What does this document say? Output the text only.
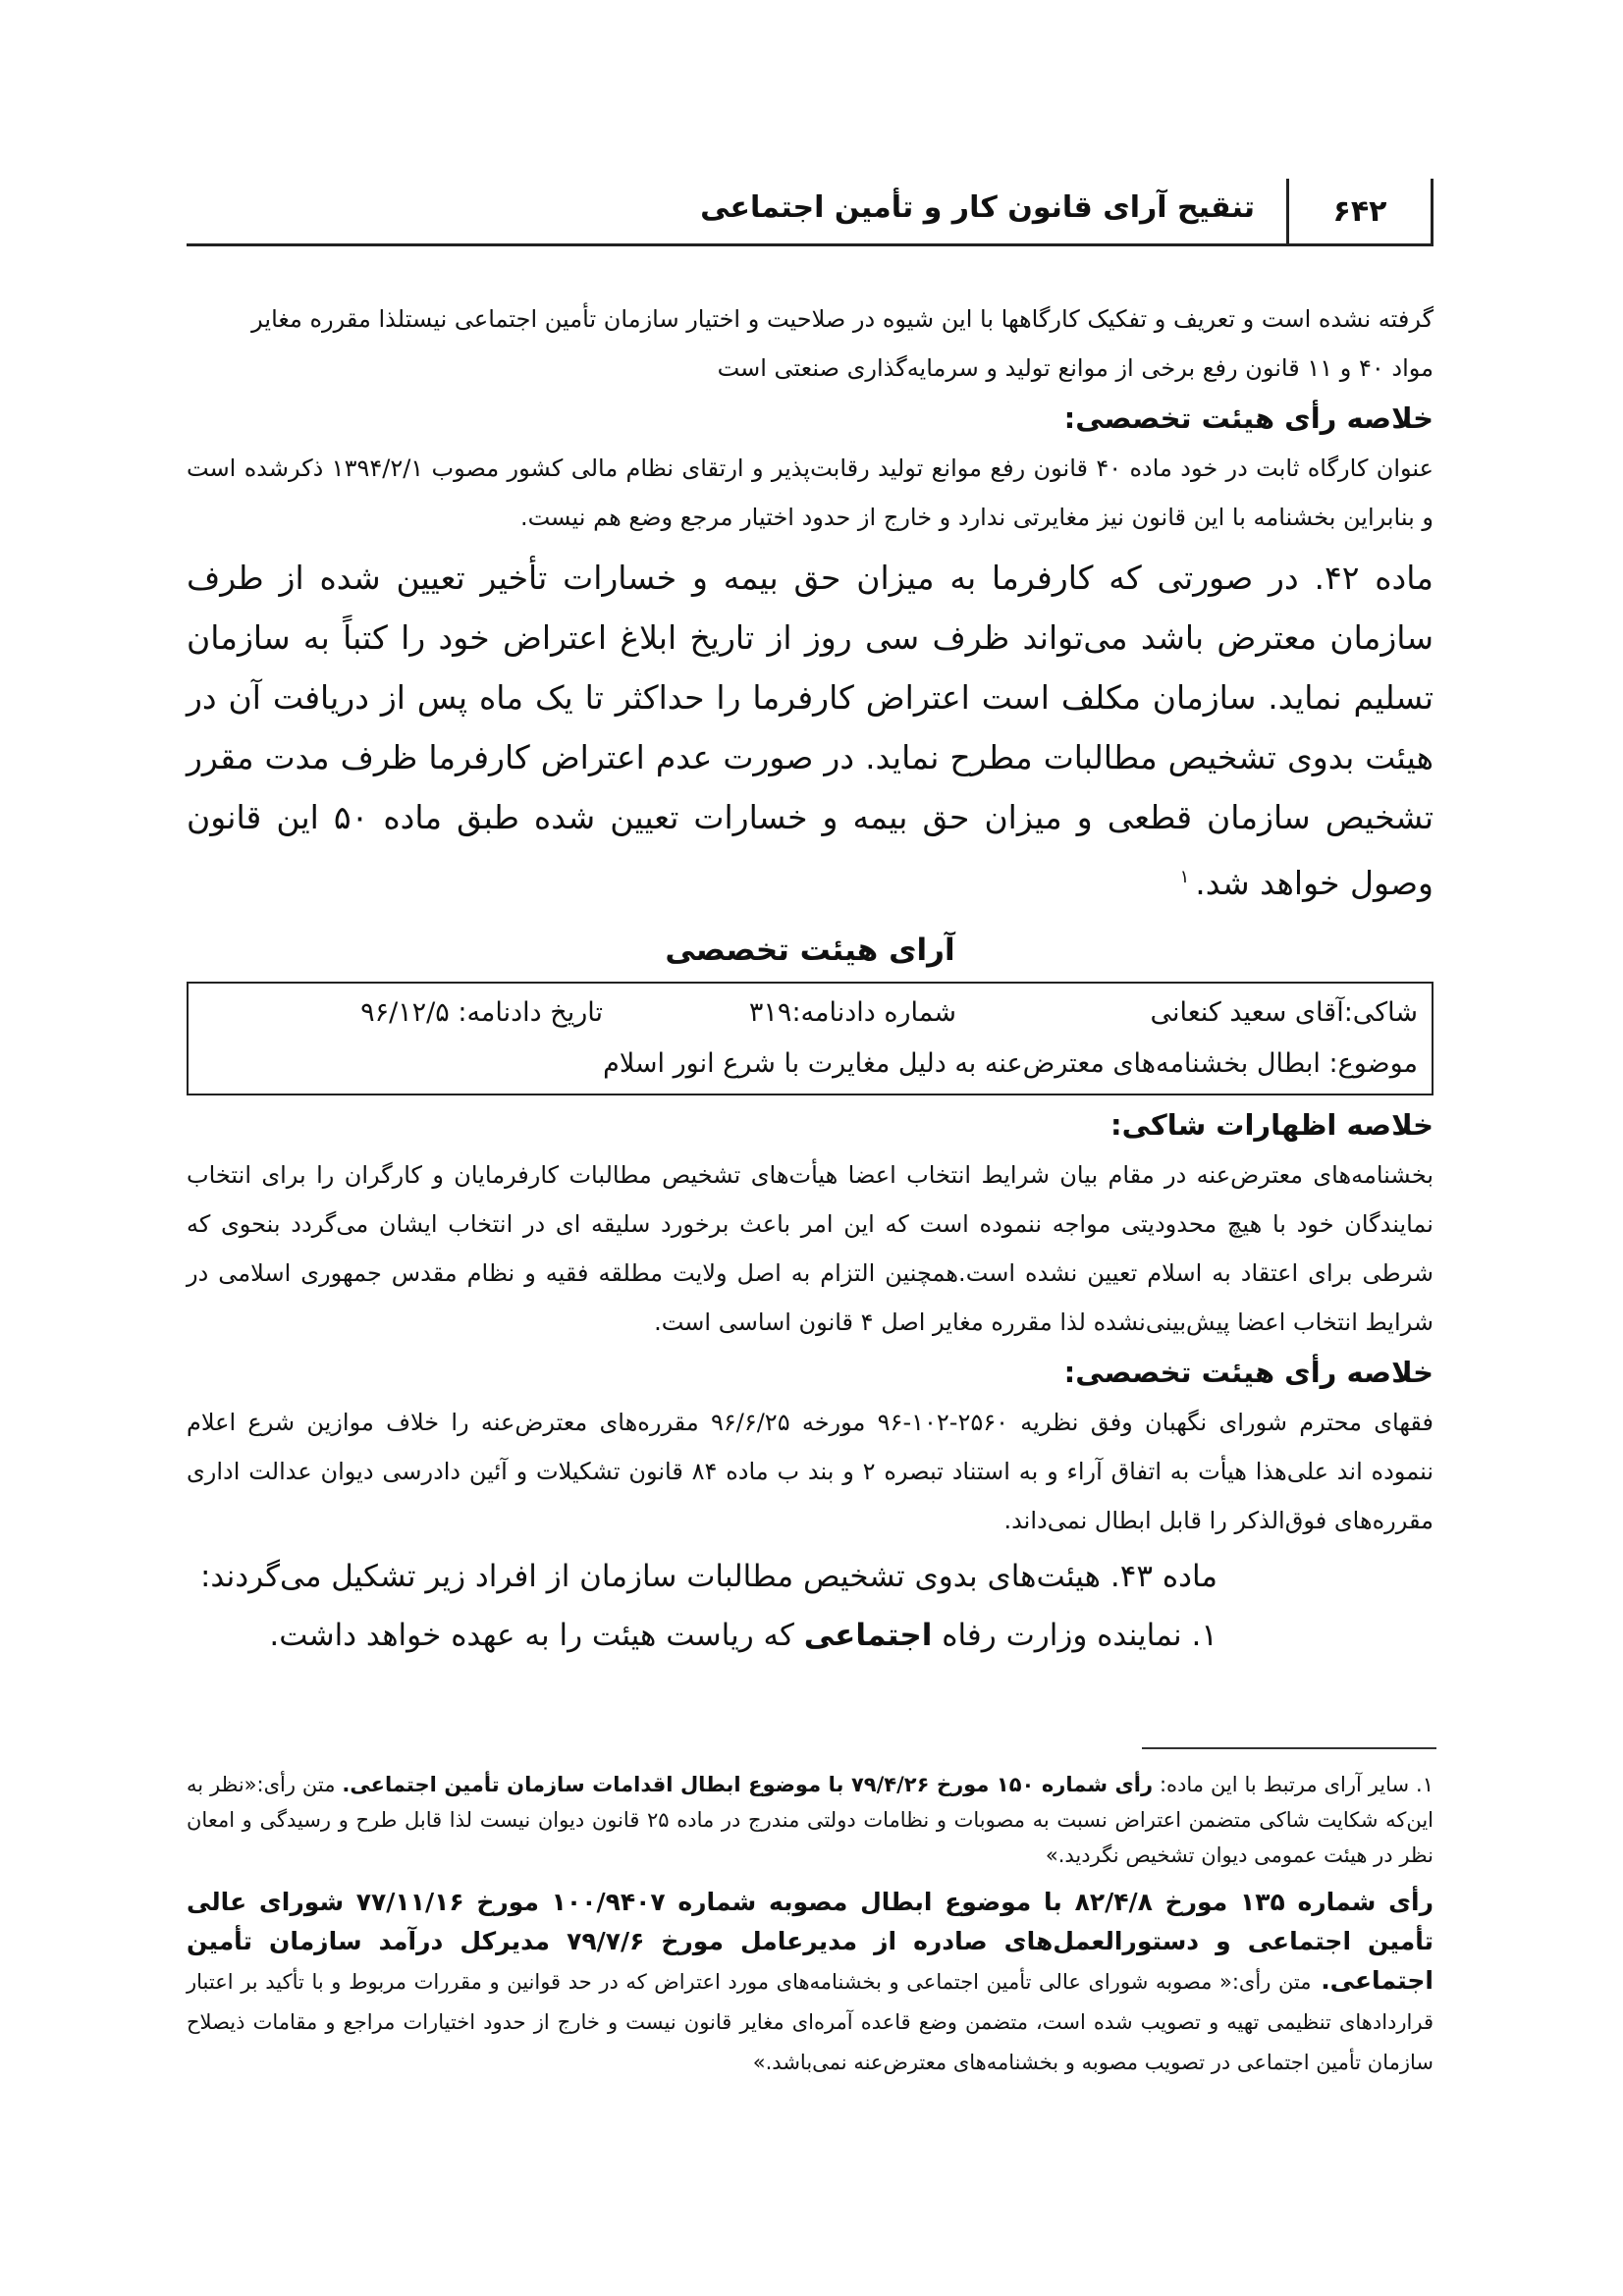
۶۴۲
تنقیح آرای قانون کار و تأمین اجتماعی

گرفته نشده است و تعریف و تفکیک کارگاهها با این شیوه در صلاحیت و اختیار سازمان تأمین اجتماعی نیستلذا مقرره مغایر

مواد ۴۰ و ۱۱ قانون رفع برخی از موانع تولید و سرمایه‌گذاری صنعتی است

خلاصه رأی هیئت تخصصی:

عنوان کارگاه ثابت در خود ماده ۴۰ قانون رفع موانع تولید رقابت‌پذیر و ارتقای نظام مالی کشور مصوب ۱۳۹۴/۲/۱ ذکرشده است و بنابراین بخشنامه با این قانون نیز مغایرتی ندارد و خارج از حدود اختیار مرجع وضع هم نیست.

ماده ۴۲. در صورتی که کارفرما به میزان حق بیمه و خسارات تأخیر تعیین شده از طرف سازمان معترض باشد می‌تواند ظرف سی روز از تاریخ ابلاغ اعتراض خود را کتباً به سازمان تسلیم نماید. سازمان مکلف است اعتراض کارفرما را حداکثر تا یک ماه پس از دریافت آن در هیئت بدوی تشخیص مطالبات مطرح نماید. در صورت عدم اعتراض کارفرما ظرف مدت مقرر تشخیص سازمان قطعی و میزان حق بیمه و خسارات تعیین شده طبق ماده ۵۰ این قانون وصول خواهد شد.$^۱$

آرای هیئت تخصصی
شاکی:آقای سعید کنعانی
شماره دادنامه:۳۱۹
تاریخ دادنامه: ۹۶/۱۲/۵
موضوع: ابطال بخشنامه‌های معترض‌عنه به دلیل مغایرت با شرع انور اسلام

خلاصه اظهارات شاکی:

بخشنامه‌های معترض‌عنه در مقام بیان شرایط انتخاب اعضا هیأت‌های تشخیص مطالبات کارفرمایان و کارگران را برای انتخاب نمایندگان خود با هیچ محدودیتی مواجه ننموده است که این امر باعث برخورد سلیقه ای در انتخاب ایشان می‌گردد بنحوی که شرطی برای اعتقاد به اسلام تعیین نشده است.همچنین التزام به اصل ولایت مطلقه فقیه و نظام مقدس جمهوری اسلامی در شرایط انتخاب اعضا پیش‌بینی‌نشده لذا مقرره مغایر اصل ۴ قانون اساسی است.

خلاصه رأی هیئت تخصصی:

فقهای محترم شورای نگهبان وفق نظریه ۲۵۶۰-۱۰۲-۹۶ مورخه ۹۶/۶/۲۵ مقرره‌های معترض‌عنه را خلاف موازین شرع اعلام ننموده اند علی‌هذا هیأت به اتفاق آراء و به استناد تبصره ۲ و بند ب ماده ۸۴ قانون تشکیلات و آئین دادرسی دیوان عدالت اداری مقرره‌های فوق‌الذکر را قابل ابطال نمی‌داند.

ماده ۴۳. هیئت‌های بدوی تشخیص مطالبات سازمان از افراد زیر تشکیل می‌گردند:

۱. نماینده وزارت رفاه اجتماعی که ریاست هیئت را به عهده خواهد داشت.

۱. سایر آرای مرتبط با این ماده: رأی شماره ۱۵۰ مورخ ۷۹/۴/۲۶ با موضوع ابطال اقدامات سازمان تأمین اجتماعی. متن رأی:«نظر به این‌که شکایت شاکی متضمن اعتراض نسبت به مصوبات و نظامات دولتی مندرج در ماده ۲۵ قانون دیوان نیست لذا قابل طرح و رسیدگی و امعان نظر در هیئت عمومی دیوان تشخیص نگردید.»

رأی شماره ۱۳۵ مورخ ۸۲/۴/۸ با موضوع ابطال مصوبه شماره ۱۰۰/۹۴۰۷ مورخ ۷۷/۱۱/۱۶ شورای عالی تأمین اجتماعی و دستورالعمل‌های صادره از مدیرعامل مورخ ۷۹/۷/۶ مدیرکل درآمد سازمان تأمین اجتماعی. متن رأی:« مصوبه شورای عالی تأمین اجتماعی و بخشنامه‌های مورد اعتراض که در حد قوانین و مقررات مربوط و با تأکید بر اعتبار قراردادهای تنظیمی تهیه و تصویب شده است، متضمن وضع قاعده آمره‌ای مغایر قانون نیست و خارج از حدود اختیارات مراجع و مقامات ذیصلاح سازمان تأمین اجتماعی در تصویب مصوبه و بخشنامه‌های معترض‌عنه نمی‌باشد.»
